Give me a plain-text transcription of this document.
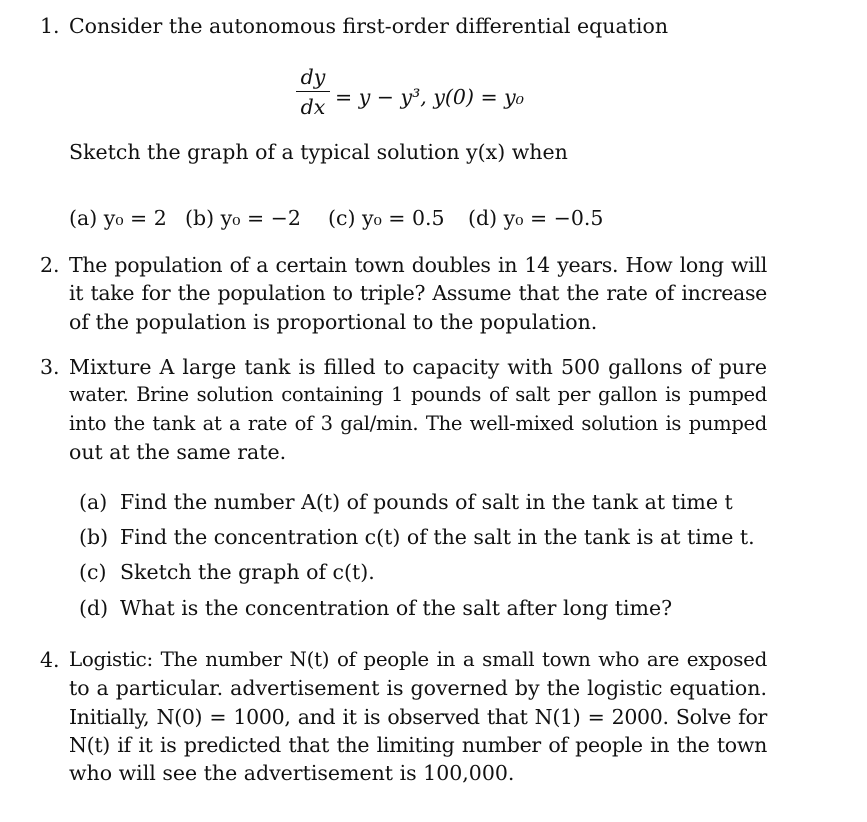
1. Consider the autonomous first-order differential equation
dy
dx = y − y³, y(0) = y₀
Sketch the graph of a typical solution y(x) when
(a) y₀ = 2 (b) y₀ = −2 (c) y₀ = 0.5 (d) y₀ = −0.5
2. The population of a certain town doubles in 14 years. How long will
it take for the population to triple? Assume that the rate of increase
of the population is proportional to the population.
3. Mixture A large tank is filled to capacity with 500 gallons of pure
water. Brine solution containing 1 pounds of salt per gallon is pumped
into the tank at a rate of 3 gal/min. The well-mixed solution is pumped
out at the same rate.
(a) Find the number A(t) of pounds of salt in the tank at time t
(b) Find the concentration c(t) of the salt in the tank is at time t.
(c) Sketch the graph of c(t).
(d) What is the concentration of the salt after long time?
4. Logistic: The number N(t) of people in a small town who are exposed
to a particular. advertisement is governed by the logistic equation.
Initially, N(0) = 1000, and it is observed that N(1) = 2000. Solve for
N(t) if it is predicted that the limiting number of people in the town
who will see the advertisement is 100,000.
